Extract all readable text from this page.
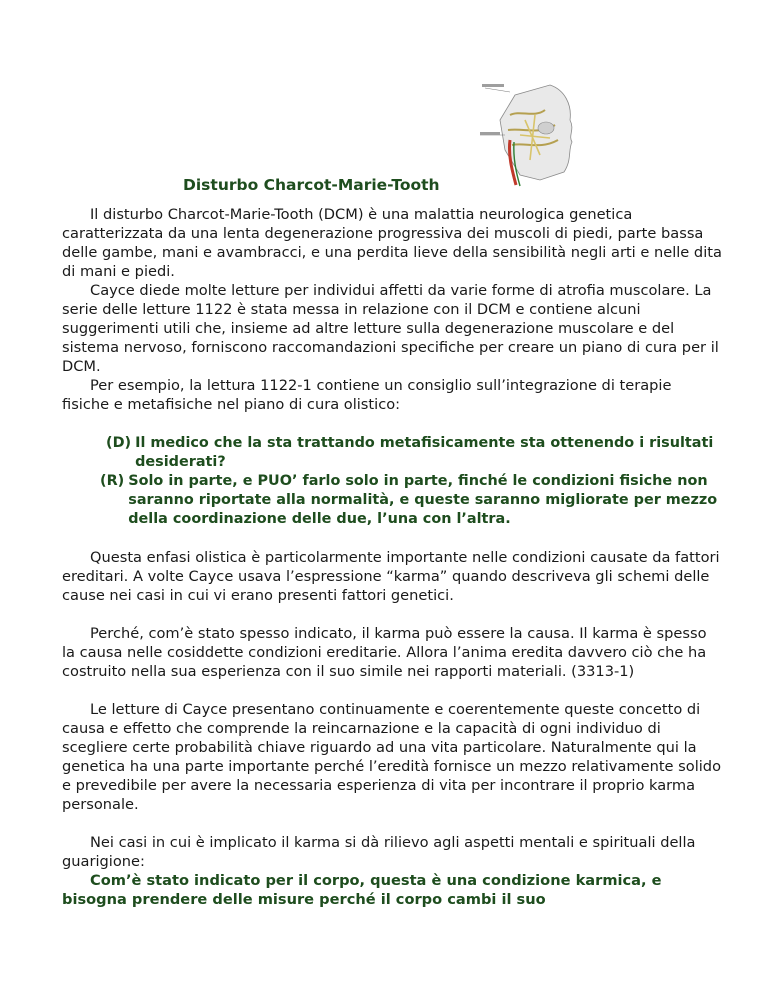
Disturbo Charcot-Marie-Tooth

Il disturbo Charcot-Marie-Tooth (DCM) è una malattia neurologica genetica caratterizzata da una lenta degenerazione progressiva dei muscoli di piedi, parte bassa delle gambe, mani e avambracci, e una perdita lieve della sensibilità negli arti e nelle dita di mani e piedi.

Cayce diede molte letture per individui affetti da varie forme di atrofia muscolare. La serie delle letture 1122 è stata messa in relazione con il DCM e contiene alcuni suggerimenti utili che, insieme ad altre letture sulla degenerazione muscolare e del sistema nervoso, forniscono raccomandazioni specifiche per creare un piano di cura per il DCM.

Per esempio, la lettura 1122-1 contiene un consiglio sull’integrazione di terapie fisiche e metafisiche nel piano di cura olistico:

(D) Il medico che la sta trattando metafisicamente sta ottenendo i risultati desiderati?
(R) Solo in parte, e PUO’ farlo solo in parte, finché le condizioni fisiche non saranno riportate alla normalità, e queste saranno migliorate per mezzo della coordinazione delle due, l’una con l’altra.

Questa enfasi olistica è particolarmente importante nelle condizioni causate da fattori ereditari. A volte Cayce usava l’espressione “karma” quando descriveva gli schemi delle cause nei casi in cui vi erano presenti fattori genetici.

Perché, com’è stato spesso indicato, il karma può essere la causa. Il karma è spesso la causa nelle cosiddette condizioni ereditarie. Allora l’anima eredita davvero ciò che ha costruito nella sua esperienza con il suo simile nei rapporti materiali. (3313-1)

Le letture di Cayce presentano continuamente e coerentemente queste concetto di causa e effetto che comprende la reincarnazione e la capacità di ogni individuo di scegliere certe probabilità chiave riguardo ad una vita particolare. Naturalmente qui la genetica ha una parte importante perché l’eredità fornisce un mezzo relativamente solido e prevedibile per avere la necessaria esperienza di vita per incontrare il proprio karma personale.

Nei casi in cui è implicato il karma si dà rilievo agli aspetti mentali e spirituali della guarigione:

Com’è stato indicato per il corpo, questa è una condizione karmica, e bisogna prendere delle misure perché il corpo cambi il suo
